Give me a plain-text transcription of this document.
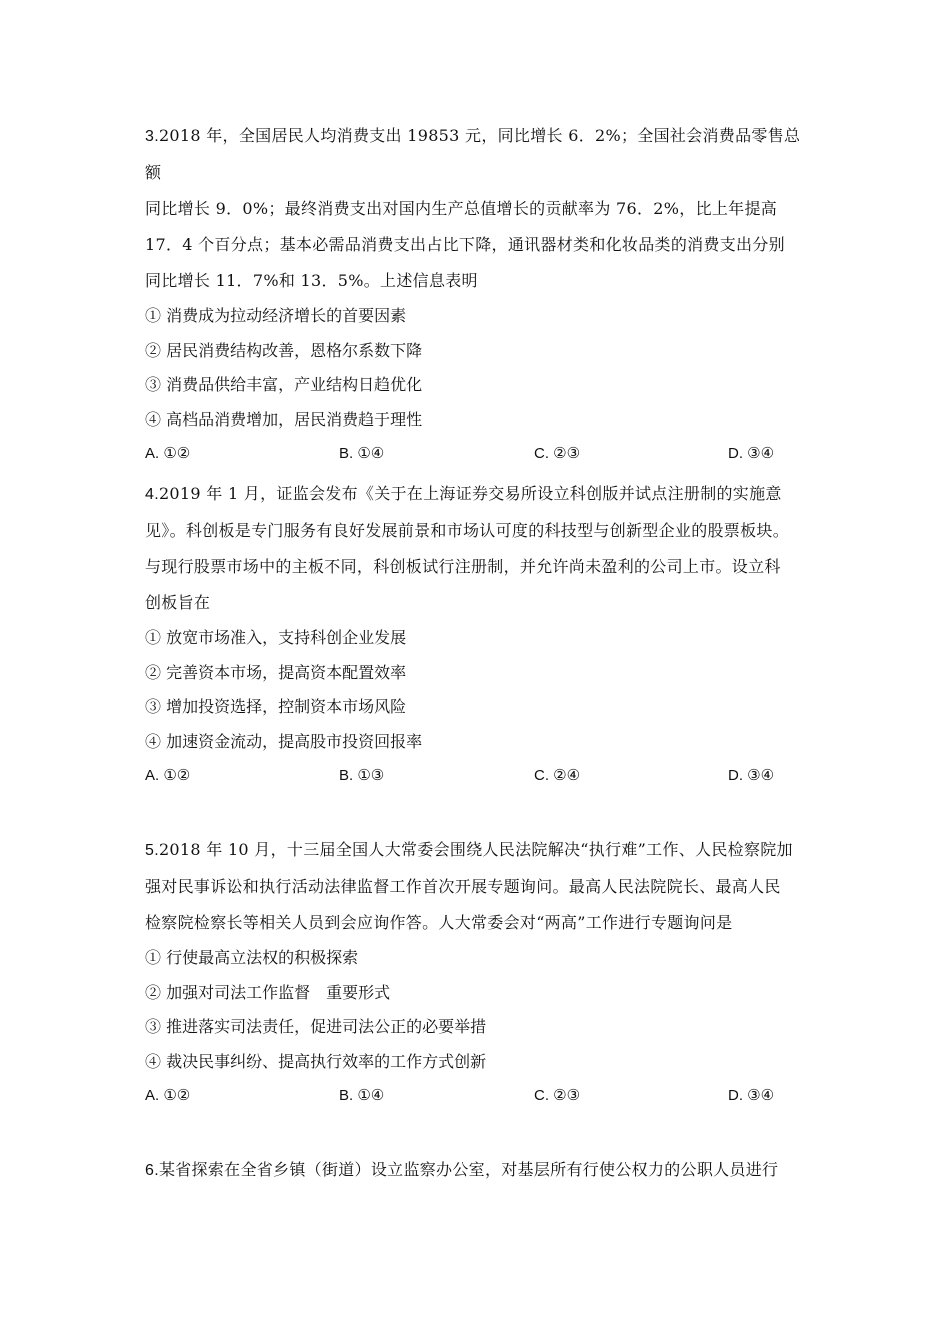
3.2018 年，全国居民人均消费支出 19853 元，同比增长 6．2%；全国社会消费品零售总额
同比增长 9．0%；最终消费支出对国内生产总值增长的贡献率为 76．2%，比上年提高
17．4 个百分点；基本必需品消费支出占比下降，通讯器材类和化妆品类的消费支出分别
同比增长 11．7%和 13．5%。上述信息表明

① 消费成为拉动经济增长的首要因素

② 居民消费结构改善，恩格尔系数下降

③ 消费品供给丰富，产业结构日趋优化

④ 高档品消费增加，居民消费趋于理性

A. ①②	B. ①④	C. ②③	D. ③④

4.2019 年 1 月，证监会发布《关于在上海证券交易所设立科创版并试点注册制的实施意
见》。科创板是专门服务有良好发展前景和市场认可度的科技型与创新型企业的股票板块。
与现行股票市场中的主板不同，科创板试行注册制，并允许尚未盈利的公司上市。设立科
创板旨在

① 放宽市场准入，支持科创企业发展

② 完善资本市场，提高资本配置效率

③ 增加投资选择，控制资本市场风险

④ 加速资金流动，提高股市投资回报率

A. ①②	B. ①③	C. ②④	D. ③④

5.2018 年 10 月，十三届全国人大常委会围绕人民法院解决“执行难”工作、人民检察院加
强对民事诉讼和执行活动法律监督工作首次开展专题询问。最高人民法院院长、最高人民
检察院检察长等相关人员到会应询作答。人大常委会对“两高”工作进行专题询问是

① 行使最高立法权的积极探索

② 加强对司法工作监督　重要形式

③ 推进落实司法责任，促进司法公正的必要举措

④ 裁决民事纠纷、提高执行效率的工作方式创新

A. ①②	B. ①④	C. ②③	D. ③④

6.某省探索在全省乡镇（街道）设立监察办公室，对基层所有行使公权力的公职人员进行
